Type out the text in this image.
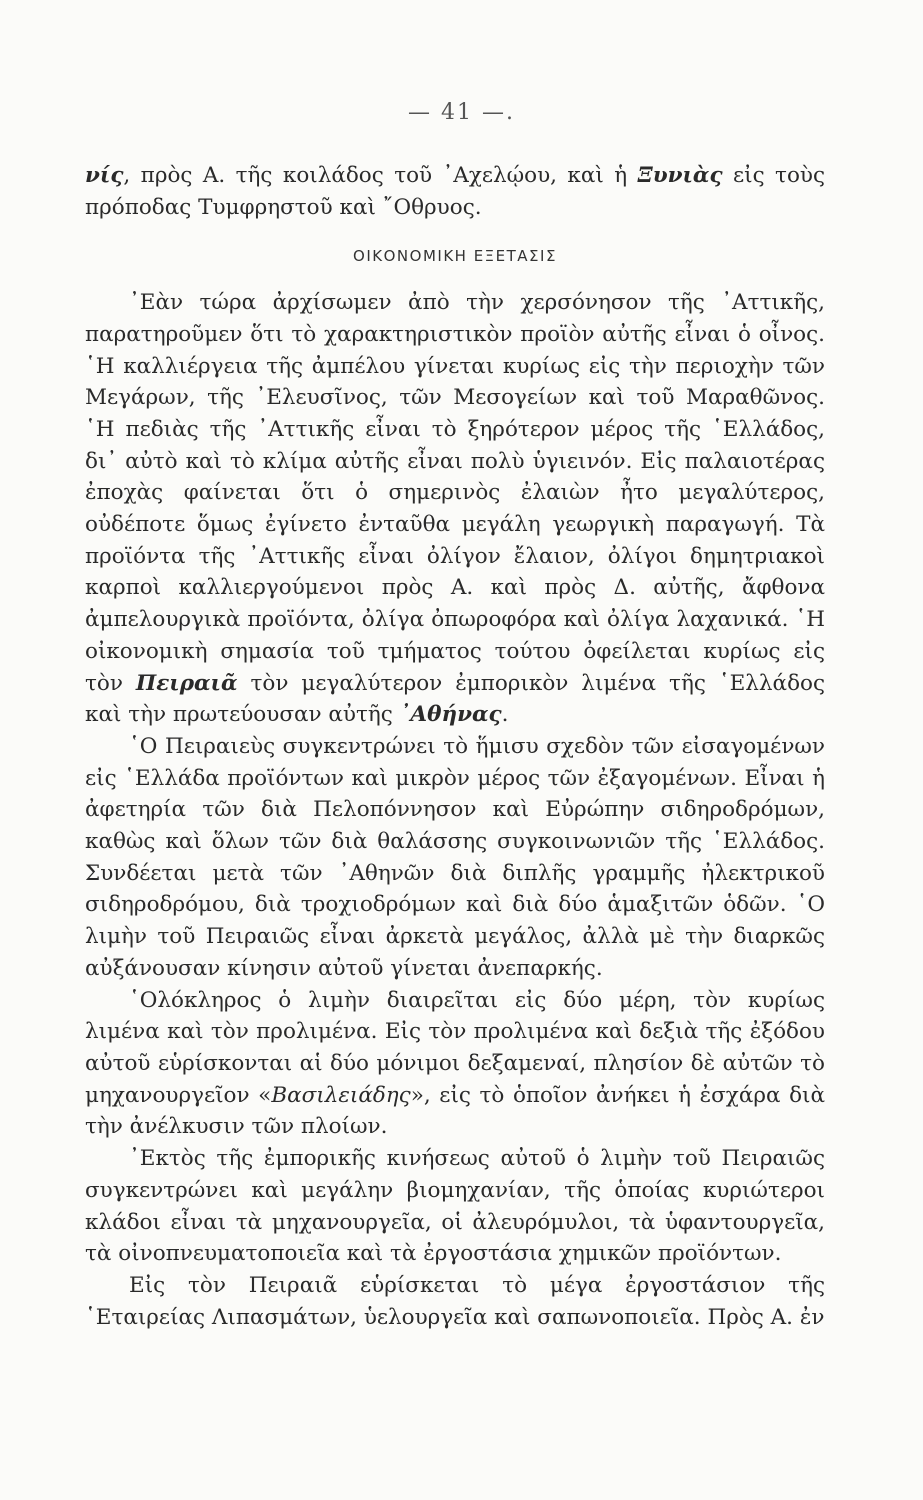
— 41 —.

νίς, πρὸς Α. τῆς κοιλάδος τοῦ ᾿Αχελῴου, καὶ ἡ Ξυνιὰς εἰς τοὺς πρόποδας Τυμφρηστοῦ καὶ ῎Οθρυος.

ΟΙΚΟΝΟΜΙΚΗ ΕΞΕΤΑΣΙΣ

᾿Εὰν τώρα ἀρχίσωμεν ἀπὸ τὴν χερσόνησον τῆς ᾿Αττικῆς, παρατηροῦμεν ὅτι τὸ χαρακτηριστικὸν προϊὸν αὐτῆς εἶναι ὁ οἶνος. ῾Η καλλιέργεια τῆς ἀμπέλου γίνεται κυρίως εἰς τὴν περιοχὴν τῶν Μεγάρων, τῆς ᾿Ελευσῖνος, τῶν Μεσογείων καὶ τοῦ Μαραθῶνος. ῾Η πεδιὰς τῆς ᾿Αττικῆς εἶναι τὸ ξηρότερον μέρος τῆς ῾Ελλάδος, δι᾿ αὐτὸ καὶ τὸ κλίμα αὐτῆς εἶναι πολὺ ὑγιεινόν. Εἰς παλαιοτέρας ἐποχὰς φαίνεται ὅτι ὁ σημερινὸς ἐλαιὼν ἦτο μεγαλύτερος, οὐδέποτε ὅμως ἐγίνετο ἐνταῦθα μεγάλη γεωργικὴ παραγωγή. Τὰ προϊόντα τῆς ᾿Αττικῆς εἶναι ὀλίγον ἔλαιον, ὀλίγοι δημητριακοὶ καρποὶ καλλιεργούμενοι πρὸς Α. καὶ πρὸς Δ. αὐτῆς, ἄφθονα ἀμπελουργικὰ προϊόντα, ὀλίγα ὀπωροφόρα καὶ ὀλίγα λαχανικά. ῾Η οἰκονομικὴ σημασία τοῦ τμήματος τούτου ὀφείλεται κυρίως εἰς τὸν Πειραιᾶ τὸν μεγαλύτερον ἐμπορικὸν λιμένα τῆς ῾Ελλάδος καὶ τὴν πρωτεύουσαν αὐτῆς ᾿Αθήνας.

῾Ο Πειραιεὺς συγκεντρώνει τὸ ἥμισυ σχεδὸν τῶν εἰσαγομένων εἰς ῾Ελλάδα προϊόντων καὶ μικρὸν μέρος τῶν ἐξαγομένων. Εἶναι ἡ ἀφετηρία τῶν διὰ Πελοπόννησον καὶ Εὐρώπην σιδηροδρόμων, καθὼς καὶ ὅλων τῶν διὰ θαλάσσης συγκοινωνιῶν τῆς ῾Ελλάδος. Συνδέεται μετὰ τῶν ᾿Αθηνῶν διὰ διπλῆς γραμμῆς ἠλεκτρικοῦ σιδηροδρόμου, διὰ τροχιοδρόμων καὶ διὰ δύο ἁμαξιτῶν ὁδῶν. ῾Ο λιμὴν τοῦ Πειραιῶς εἶναι ἀρκετὰ μεγάλος, ἀλλὰ μὲ τὴν διαρκῶς αὐξάνουσαν κίνησιν αὐτοῦ γίνεται ἀνεπαρκής.

῾Ολόκληρος ὁ λιμὴν διαιρεῖται εἰς δύο μέρη, τὸν κυρίως λιμένα καὶ τὸν προλιμένα. Εἰς τὸν προλιμένα καὶ δεξιὰ τῆς ἐξόδου αὐτοῦ εὑρίσκονται αἱ δύο μόνιμοι δεξαμεναί, πλησίον δὲ αὐτῶν τὸ μηχανουργεῖον «Βασιλειάδης», εἰς τὸ ὁποῖον ἀνήκει ἡ ἐσχάρα διὰ τὴν ἀνέλκυσιν τῶν πλοίων.

᾿Εκτὸς τῆς ἐμπορικῆς κινήσεως αὐτοῦ ὁ λιμὴν τοῦ Πειραιῶς συγκεντρώνει καὶ μεγάλην βιομηχανίαν, τῆς ὁποίας κυριώτεροι κλάδοι εἶναι τὰ μηχανουργεῖα, οἱ ἀλευρόμυλοι, τὰ ὑφαντουργεῖα, τὰ οἰνοπνευματοποιεῖα καὶ τὰ ἐργοστάσια χημικῶν προϊόντων.

Εἰς τὸν Πειραιᾶ εὑρίσκεται τὸ μέγα ἐργοστάσιον τῆς ῾Εταιρείας Λιπασμάτων, ὑελουργεῖα καὶ σαπωνοποιεῖα. Πρὸς Α. ἐν
